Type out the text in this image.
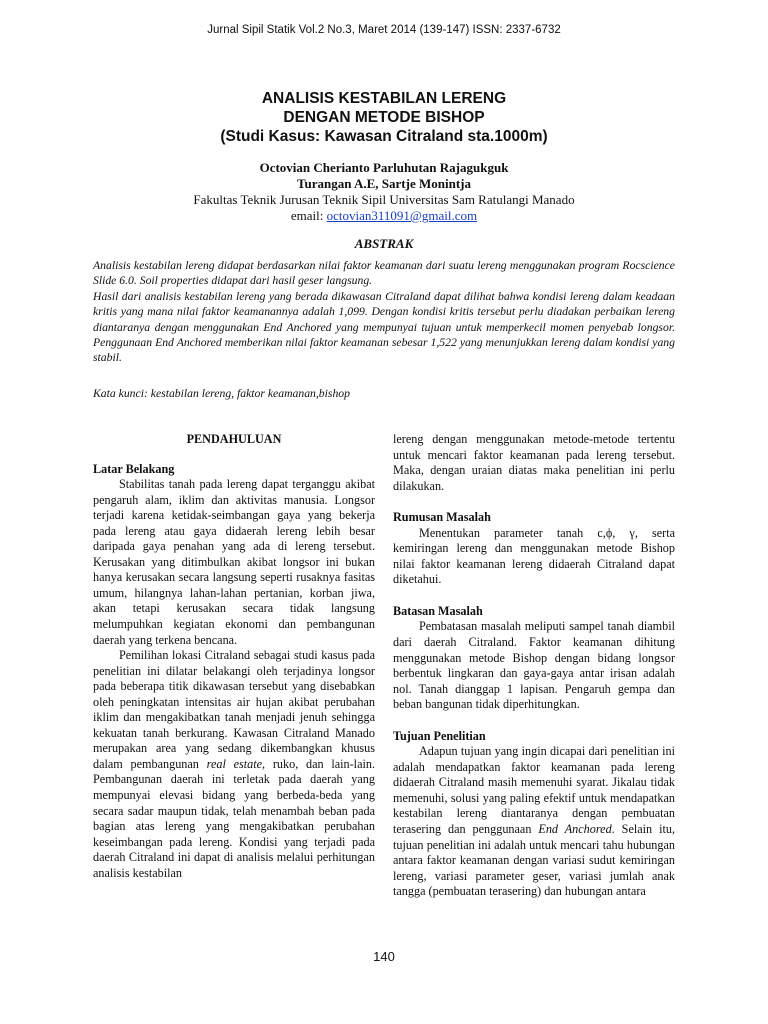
Jurnal Sipil Statik Vol.2 No.3, Maret 2014 (139-147) ISSN: 2337-6732
ANALISIS KESTABILAN LERENG
DENGAN METODE BISHOP
(Studi Kasus: Kawasan Citraland sta.1000m)
Octovian Cherianto Parluhutan Rajagukguk
Turangan A.E, Sartje Monintja
Fakultas Teknik Jurusan Teknik Sipil Universitas Sam Ratulangi Manado
email: octovian311091@gmail.com
ABSTRAK

Analisis kestabilan lereng didapat berdasarkan nilai faktor keamanan dari suatu lereng menggunakan program Rocscience Slide 6.0. Soil properties didapat dari hasil geser langsung.

Hasil dari analisis kestabilan lereng yang berada dikawasan Citraland dapat dilihat bahwa kondisi lereng dalam keadaan kritis yang mana nilai faktor keamanannya adalah 1,099. Dengan kondisi kritis tersebut perlu diadakan perbaikan lereng diantaranya dengan menggunakan End Anchored yang mempunyai tujuan untuk memperkecil momen penyebab longsor. Penggunaan End Anchored memberikan nilai faktor keamanan sebesar 1,522 yang menunjukkan lereng dalam kondisi yang stabil.

Kata kunci: kestabilan lereng, faktor keamanan,bishop
PENDAHULUAN
Latar Belakang

Stabilitas tanah pada lereng dapat terganggu akibat pengaruh alam, iklim dan aktivitas manusia. Longsor terjadi karena ketidak-seimbangan gaya yang bekerja pada lereng atau gaya didaerah lereng lebih besar daripada gaya penahan yang ada di lereng tersebut. Kerusakan yang ditimbulkan akibat longsor ini bukan hanya kerusakan secara langsung seperti rusaknya fasitas umum, hilangnya lahan-lahan pertanian, korban jiwa, akan tetapi kerusakan secara tidak langsung melumpuhkan kegiatan ekonomi dan pembangunan daerah yang terkena bencana.

Pemilihan lokasi Citraland sebagai studi kasus pada penelitian ini dilatar belakangi oleh terjadinya longsor pada beberapa titik dikawasan tersebut yang disebabkan oleh peningkatan intensitas air hujan akibat perubahan iklim dan mengakibatkan tanah menjadi jenuh sehingga kekuatan tanah berkurang. Kawasan Citraland Manado merupakan area yang sedang dikembangkan khusus dalam pembangunan real estate, ruko, dan lain-lain. Pembangunan daerah ini terletak pada daerah yang mempunyai elevasi bidang yang berbeda-beda yang secara sadar maupun tidak, telah menambah beban pada bagian atas lereng yang mengakibatkan perubahan keseimbangan pada lereng. Kondisi yang terjadi pada daerah Citraland ini dapat di analisis melalui perhitungan analisis kestabilan

lereng dengan menggunakan metode-metode tertentu untuk mencari faktor keamanan pada lereng tersebut. Maka, dengan uraian diatas maka penelitian ini perlu dilakukan.

Rumusan Masalah

Menentukan parameter tanah c,ϕ, γ, serta kemiringan lereng dan menggunakan metode Bishop nilai faktor keamanan lereng didaerah Citraland dapat diketahui.

Batasan Masalah

Pembatasan masalah meliputi sampel tanah diambil dari daerah Citraland. Faktor keamanan dihitung menggunakan metode Bishop dengan bidang longsor berbentuk lingkaran dan gaya-gaya antar irisan adalah nol. Tanah dianggap 1 lapisan. Pengaruh gempa dan beban bangunan tidak diperhitungkan.

Tujuan Penelitian

Adapun tujuan yang ingin dicapai dari penelitian ini adalah mendapatkan faktor keamanan pada lereng didaerah Citraland masih memenuhi syarat. Jikalau tidak memenuhi, solusi yang paling efektif untuk mendapatkan kestabilan lereng diantaranya dengan pembuatan terasering dan penggunaan End Anchored. Selain itu, tujuan penelitian ini adalah untuk mencari tahu hubungan antara faktor keamanan dengan variasi sudut kemiringan lereng, variasi parameter geser, variasi jumlah anak tangga (pembuatan terasering) dan hubungan antara

140
